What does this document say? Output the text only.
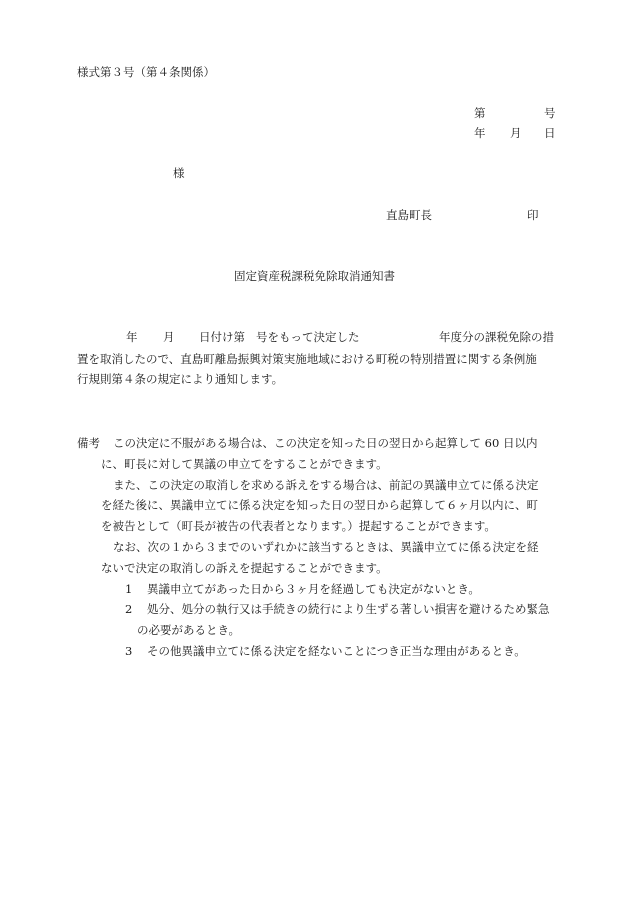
様式第３号（第４条関係）
第	号
年 月 日
様
直島町長	印
固定資産税課税免除取消通知書
年 月 日付け第 号をもって決定した	年度分の課税免除の措
置を取消したので、直島町離島振興対策実施地域における町税の特別措置に関する条例施
行規則第４条の規定により通知します。
備考 この決定に不服がある場合は、この決定を知った日の翌日から起算して 60 日以内
に、町長に対して異議の申立てをすることができます。
また、この決定の取消しを求める訴えをする場合は、前記の異議申立てに係る決定
を経た後に、異議申立てに係る決定を知った日の翌日から起算して６ヶ月以内に、町
を被告として（町長が被告の代表者となります。）提起することができます。
なお、次の１から３までのいずれかに該当するときは、異議申立てに係る決定を経
ないで決定の取消しの訴えを提起することができます。
1 異議申立てがあった日から３ヶ月を経過しても決定がないとき。
2 処分、処分の執行又は手続きの続行により生ずる著しい損害を避けるため緊急
の必要があるとき。
3 その他異議申立てに係る決定を経ないことにつき正当な理由があるとき。
